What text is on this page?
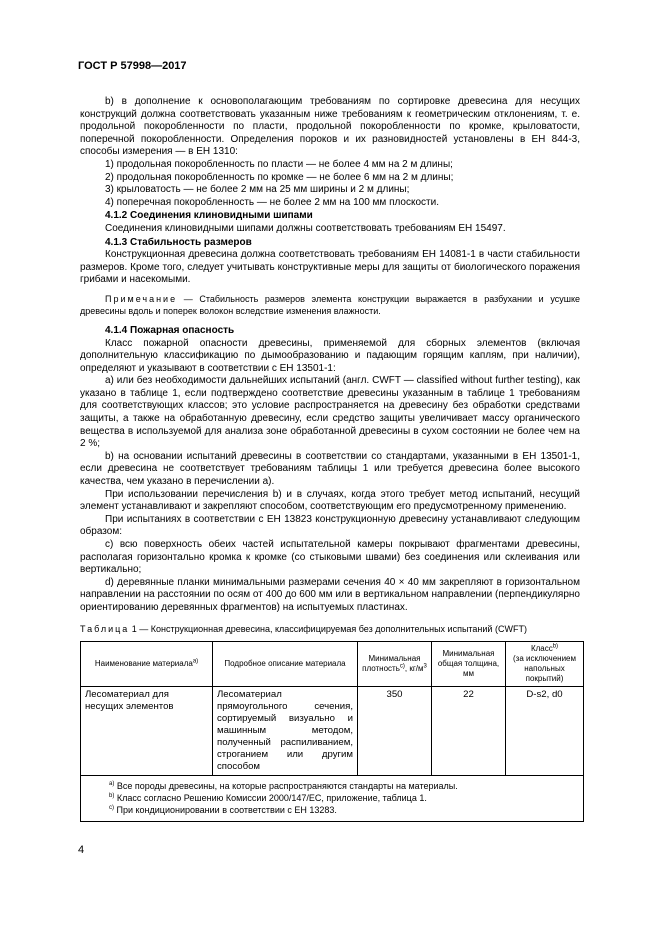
ГОСТ Р 57998—2017

b) в дополнение к основополагающим требованиям по сортировке древесина для несущих конструкций должна соответствовать указанным ниже требованиям к геометрическим отклонениям, т. е. продольной покоробленности по пласти, продольной покоробленности по кромке, крыловатости, поперечной покоробленности. Определения пороков и их разновидностей установлены в ЕН 844-3, способы измерения — в ЕН 1310:

1) продольная покоробленность по пласти — не более 4 мм на 2 м длины;

2) продольная покоробленность по кромке — не более 6 мм на 2 м длины;

3) крыловатость — не более 2 мм на 25 мм ширины и 2 м длины;

4) поперечная покоробленность — не более 2 мм на 100 мм плоскости.

4.1.2 Соединения клиновидными шипами

Соединения клиновидными шипами должны соответствовать требованиям ЕН 15497.

4.1.3 Стабильность размеров

Конструкционная древесина должна соответствовать требованиям ЕН 14081-1 в части стабильности размеров. Кроме того, следует учитывать конструктивные меры для защиты от биологического поражения грибами и насекомыми.

Примечание — Стабильность размеров элемента конструкции выражается в разбухании и усушке древесины вдоль и поперек волокон вследствие изменения влажности.

4.1.4 Пожарная опасность

Класс пожарной опасности древесины, применяемой для сборных элементов (включая дополнительную классификацию по дымообразованию и падающим горящим каплям, при наличии), определяют и указывают в соответствии с ЕН 13501-1:

а) или без необходимости дальнейших испытаний (англ. CWFT — classified without further testing), как указано в таблице 1, если подтверждено соответствие древесины указанным в таблице 1 требованиям для соответствующих классов; это условие распространяется на древесину без обработки средствами защиты, а также на обработанную древесину, если средство защиты увеличивает массу органического вещества в используемой для анализа зоне обработанной древесины в сухом состоянии не более чем на 2 %;

b) на основании испытаний древесины в соответствии со стандартами, указанными в ЕН 13501-1, если древесина не соответствует требованиям таблицы 1 или требуется древесина более высокого качества, чем указано в перечислении а).

При использовании перечисления b) и в случаях, когда этого требует метод испытаний, несущий элемент устанавливают и закрепляют способом, соответствующим его предусмотренному применению.

При испытаниях в соответствии с ЕН 13823 конструкционную древесину устанавливают следующим образом:

c) всю поверхность обеих частей испытательной камеры покрывают фрагментами древесины, располагая горизонтально кромка к кромке (со стыковыми швами) без соединения или склеивания или вертикально;

d) деревянные планки минимальными размерами сечения 40 × 40 мм закрепляют в горизонтальном направлении на расстоянии по осям от 400 до 600 мм или в вертикальном направлении (перпендикулярно ориентированию деревянных фрагментов) на испытуемых пластинах.

Таблица 1 — Конструкционная древесина, классифицируемая без дополнительных испытаний (CWFT)

Наименование материала$^{a)}$	Подробное описание материала	Минимальная плотность$^{c)}$, $кг/м^3$	Минимальная общая толщина, мм	Класс$^{b)}$
(за исключением напольных покрытий)
Лесоматериал для несущих элементов	Лесоматериал прямоугольного сечения, сортируемый визуально и машинным методом, полученный распиливанием, строганием или другим способом	350	22	D-s2, d0

$^{a)}$ Все породы древесины, на которые распространяются стандарты на материалы.
$^{b)}$ Класс согласно Решению Комиссии 2000/147/ЕС, приложение, таблица 1.
$^{c)}$ При кондиционировании в соответствии с ЕН 13283.				
4
